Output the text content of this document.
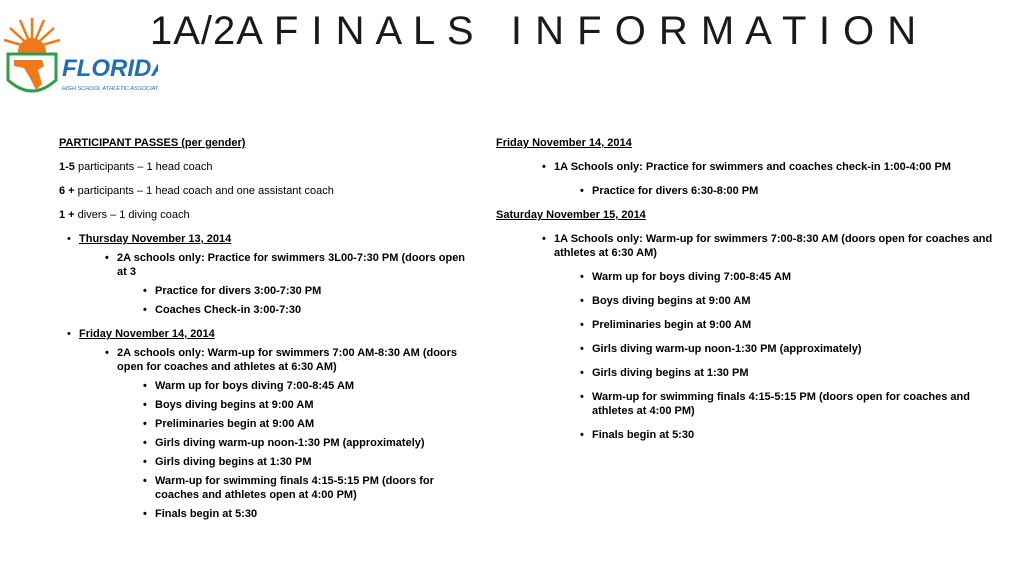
FLORIDA
HIGH SCHOOL ATHLETIC ASSOCIATION
1A/2A F I N A L S   I N F O R M A T I O N
PARTICIPANT PASSES (per gender)
1-5 participants – 1 head coach
6 + participants – 1 head coach and one assistant coach
1 + divers – 1 diving coach
• Thursday November 13, 2014
• 2A schools only: Practice for swimmers 3L00-7:30 PM (doors open at 3
• Practice for divers 3:00-7:30 PM
• Coaches Check-in 3:00-7:30
• Friday November 14, 2014
• 2A schools only: Warm-up for swimmers 7:00 AM-8:30 AM (doors open for coaches and athletes at 6:30 AM)
• Warm up for boys diving 7:00-8:45 AM
• Boys diving begins at 9:00 AM
• Preliminaries begin at 9:00 AM
• Girls diving warm-up noon-1:30 PM (approximately)
• Girls diving begins at 1:30 PM
• Warm-up for swimming finals 4:15-5:15 PM (doors for coaches and athletes open at 4:00 PM)
• Finals begin at 5:30
Friday November 14, 2014
• 1A Schools only: Practice for swimmers and coaches check-in 1:00-4:00 PM
• Practice for divers 6:30-8:00 PM
Saturday November 15, 2014
• 1A Schools only: Warm-up for swimmers 7:00-8:30 AM (doors open for coaches and athletes at 6:30 AM)
• Warm up for boys diving 7:00-8:45 AM
• Boys diving begins at 9:00 AM
• Preliminaries begin at 9:00 AM
• Girls diving warm-up noon-1:30 PM (approximately)
• Girls diving begins at 1:30 PM
• Warm-up for swimming finals 4:15-5:15 PM (doors open for coaches and athletes at 4:00 PM)
• Finals begin at 5:30
